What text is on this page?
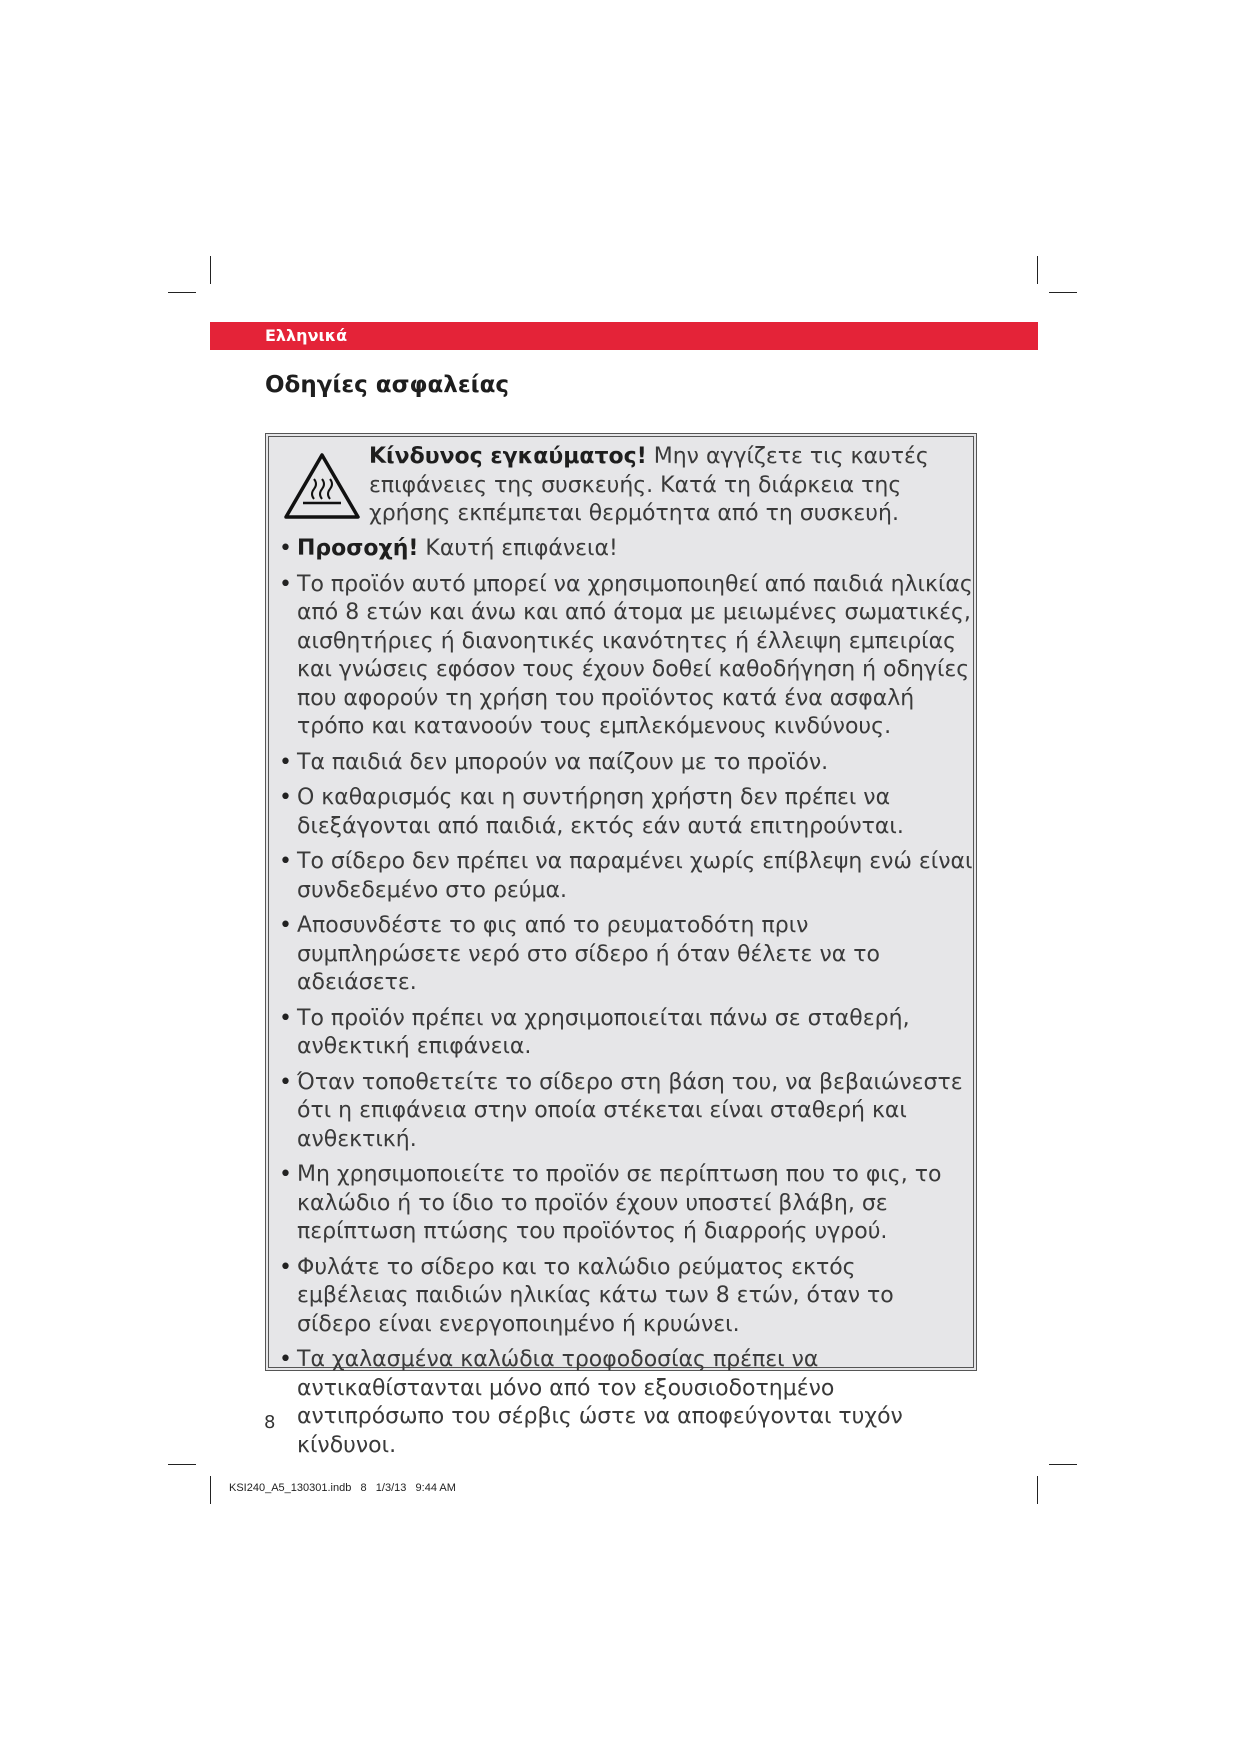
Ελληνικά
Οδηγίες ασφαλείας
Κίνδυνος εγκαύματος! Μην αγγίζετε τις καυτές επιφάνειες της συσκευής. Κατά τη διάρκεια της χρήσης εκπέμπεται θερμότητα από τη συσκευή.
• Προσοχή! Καυτή επιφάνεια!
• Το προϊόν αυτό μπορεί να χρησιμοποιηθεί από παιδιά ηλικίας από 8 ετών και άνω και από άτομα με μειωμένες σωματικές, αισθητήριες ή διανοητικές ικανότητες ή έλλειψη εμπειρίας και γνώσεις εφόσον τους έχουν δοθεί καθοδήγηση ή οδηγίες που αφορούν τη χρήση του προϊόντος κατά ένα ασφαλή τρόπο και κατανοούν τους εμπλεκόμενους κινδύνους.
• Τα παιδιά δεν μπορούν να παίζουν με το προϊόν.
• Ο καθαρισμός και η συντήρηση χρήστη δεν πρέπει να διεξάγονται από παιδιά, εκτός εάν αυτά επιτηρούνται.
• Το σίδερο δεν πρέπει να παραμένει χωρίς επίβλεψη ενώ είναι συνδεδεμένο στο ρεύμα.
• Αποσυνδέστε το φις από το ρευματοδότη πριν συμπληρώσετε νερό στο σίδερο ή όταν θέλετε να το αδειάσετε.
• Το προϊόν πρέπει να χρησιμοποιείται πάνω σε σταθερή, ανθεκτική επιφάνεια.
• Όταν τοποθετείτε το σίδερο στη βάση του, να βεβαιώνεστε ότι η επιφάνεια στην οποία στέκεται είναι σταθερή και ανθεκτική.
• Μη χρησιμοποιείτε το προϊόν σε περίπτωση που το φις, το καλώδιο ή το ίδιο το προϊόν έχουν υποστεί βλάβη, σε περίπτωση πτώσης του προϊόντος ή διαρροής υγρού.
• Φυλάτε το σίδερο και το καλώδιο ρεύματος εκτός εμβέλειας παιδιών ηλικίας κάτω των 8 ετών, όταν το σίδερο είναι ενεργοποιημένο ή κρυώνει.
• Τα χαλασμένα καλώδια τροφοδοσίας πρέπει να αντικαθίστανται μόνο από τον εξουσιοδοτημένο αντιπρόσωπο του σέρβις ώστε να αποφεύγονται τυχόν κίνδυνοι.
8
KSI240_A5_130301.indb   8   1/3/13   9:44 AM
